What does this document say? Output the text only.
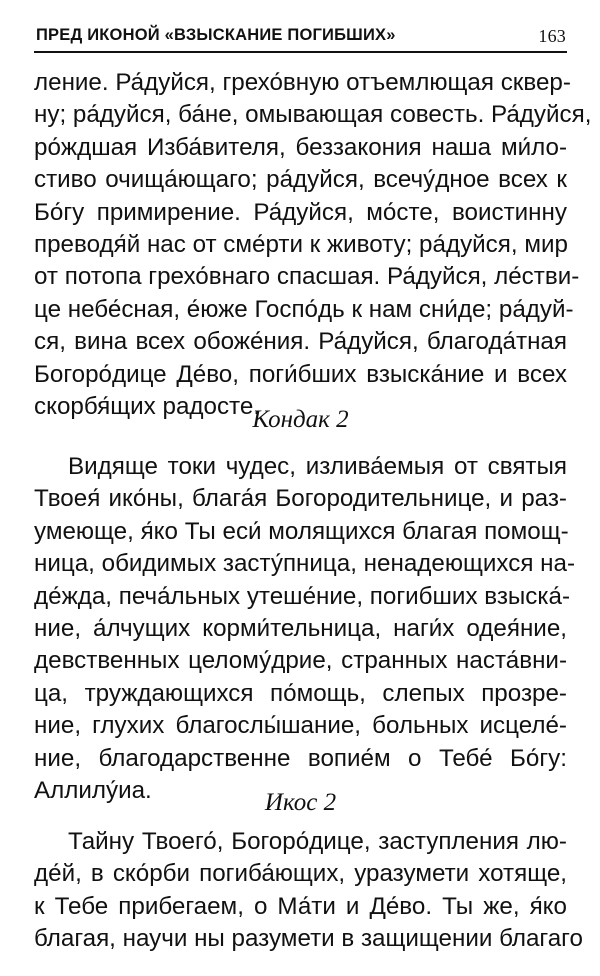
ПРЕД ИКОНОЙ «ВЗЫСКАНИЕ ПОГИБШИХ»	163
ление. Ра́дуйся, грехо́вную отъемлющая сквер-
ну; ра́дуйся, ба́не, омывающая совесть. Ра́дуйся,
ро́ждшая Изба́вителя, беззакония наша ми́ло-
стиво очища́ющаго; ра́дуйся, всечу́дное всех к
Бо́гу примирение. Ра́дуйся, мо́сте, воистинну
преводя́й нас от сме́рти к животу; ра́дуйся, мир
от потопа грехо́внаго спасшая. Ра́дуйся, ле́стви-
це небе́сная, е́юже Госпо́дь к нам сни́де; ра́дуй-
ся, вина всех обоже́ния. Ра́дуйся, благода́тная
Богоро́дице Де́во, поги́бших взыска́ние и всех
скорбя́щих радосте.
Кондак 2
Видяще токи чудес, излива́емыя от святыя
Твоея́ ико́ны, блага́я Богородительнице, и раз-
умеюще, я́ко Ты еси́ молящихся благая помощ-
ница, обидимых засту́пница, ненадеющихся на-
де́жда, печа́льных утеше́ние, погибших взыска́-
ние, а́лчущих корми́тельница, наги́х одея́ние,
девственных целому́дрие, странных наста́вни-
ца, труждающихся по́мощь, слепых прозре-
ние, глухих благослы́шание, больных исцеле́-
ние, благодарственне вопие́м о Тебе́ Бо́гу:
Аллилу́иа.	Икос 2
Тайну Твоего́, Богоро́дице, заступления лю-
де́й, в ско́рби погиба́ющих, уразумети хотяще,
к Тебе прибегаем, о Ма́ти и Де́во. Ты же, я́ко
благая, научи ны разумети в защищении благаго
